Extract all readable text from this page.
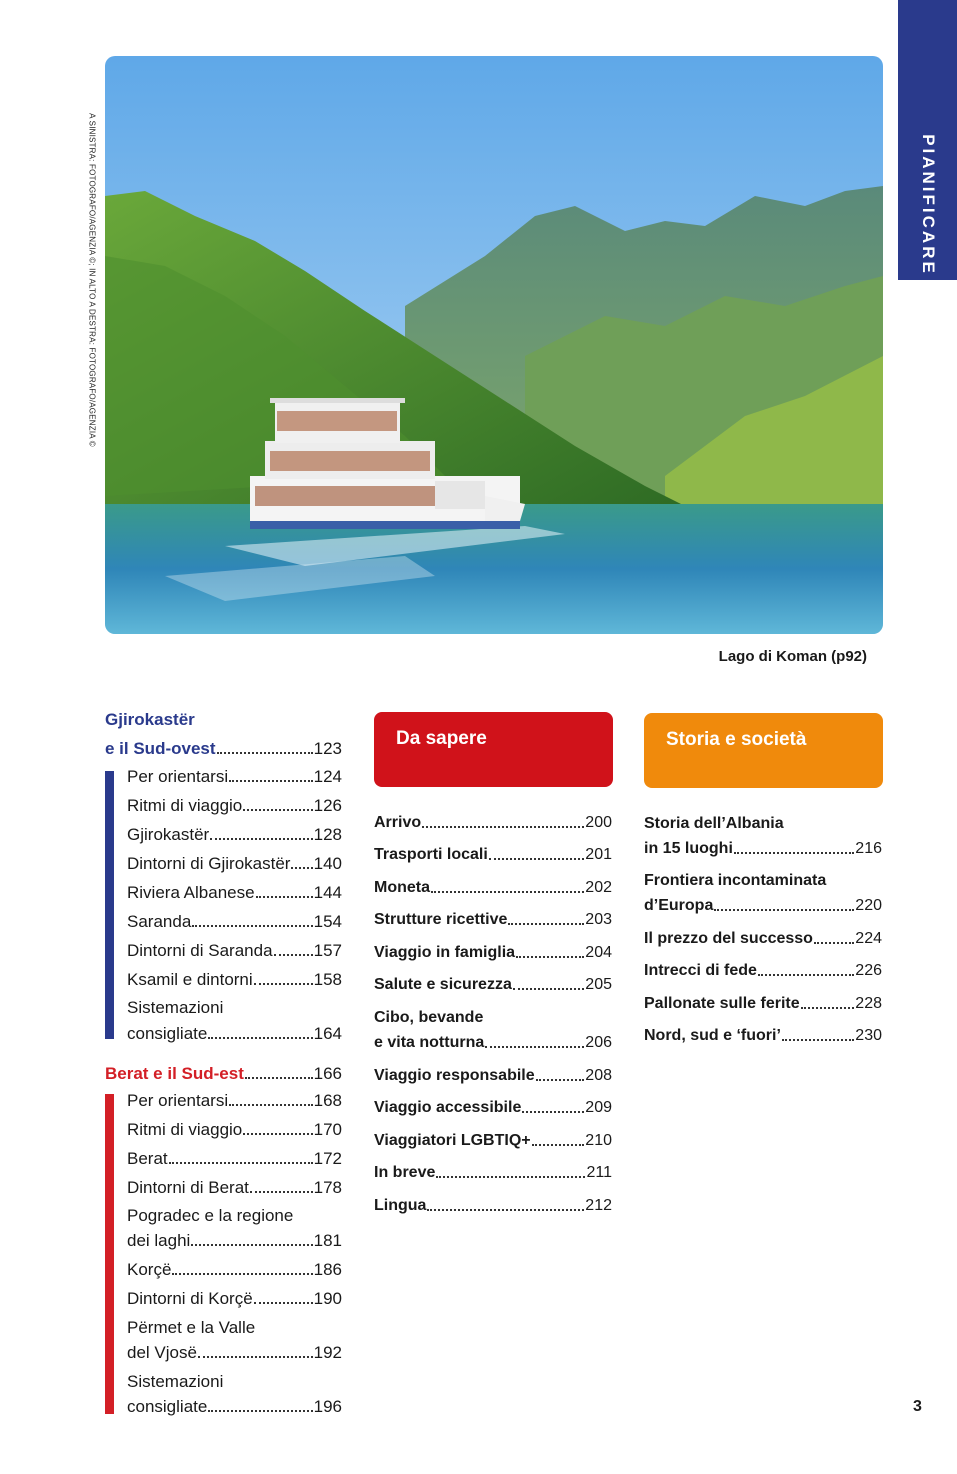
PIANIFICARE
A SINISTRA: FOTOGRAFO/AGENZIA ©; IN ALTO A DESTRA: FOTOGRAFO/AGENZIA ©
Lago di Koman (p92)
Gjirokastër
e il Sud-ovest	123
Per orientarsi	124
Ritmi di viaggio	126
Gjirokastër	128
Dintorni di Gjirokastër 140
Riviera Albanese	144
Saranda	154
Dintorni di Saranda 157
Ksamil e dintorni	158
Sistemazioni
consigliate	164
Berat e il Sud-est	166
Per orientarsi	168
Ritmi di viaggio	170
Berat	172
Dintorni di Berat	178
Pogradec e la regione
dei laghi	181
Korçë	186
Dintorni di Korçë	190
Përmet e la Valle
del Vjosë	192
Sistemazioni
consigliate	196
Da sapere
Arrivo	200
Trasporti locali	201
Moneta	202
Strutture ricettive	203
Viaggio in famiglia	204
Salute e sicurezza	205
Cibo, bevande
e vita notturna	206
Viaggio responsabile	208
Viaggio accessibile	209
Viaggiatori LGBTIQ+	210
In breve	211
Lingua	212
Storia e società
Storia dell’Albania
in 15 luoghi	216
Frontiera incontaminata
d’Europa	220
Il prezzo del successo	224
Intrecci di fede	226
Pallonate sulle ferite	228
Nord, sud e ‘fuori’	230
3
